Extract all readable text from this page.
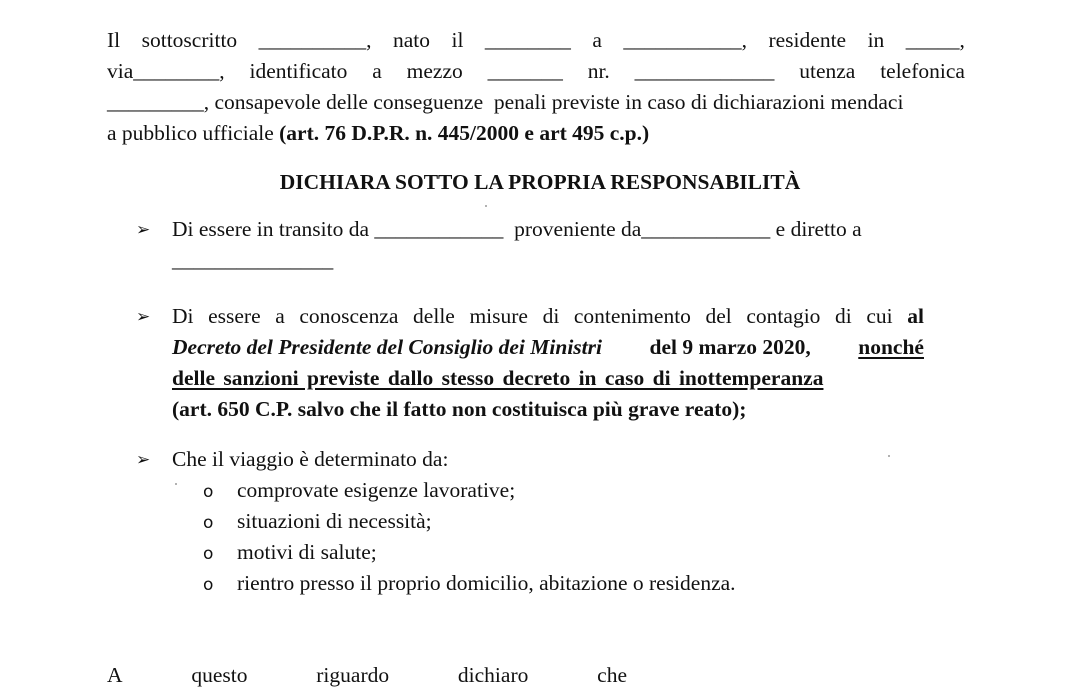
Il sottoscritto __________, nato il ________ a ___________, residente in _____,
via________, identificato a mezzo _______ nr. _____________ utenza telefonica
_________, consapevole delle conseguenze  penali previste in caso di dichiarazioni mendaci
a pubblico ufficiale (art. 76 D.P.R. n. 445/2000 e art 495 c.p.)
DICHIARA SOTTO LA PROPRIA RESPONSABILITÀ
➢ Di essere in transito da ____________  proveniente da____________ e diretto a
_______________
➢ Di essere a conoscenza delle misure di contenimento del contagio di cui al
Decreto del Presidente del Consiglio dei Ministri del 9 marzo 2020, nonché
delle sanzioni previste dallo stesso decreto in caso di inottemperanza
(art. 650 C.P. salvo che il fatto non costituisca più grave reato);
➢ Che il viaggio è determinato da:
o comprovate esigenze lavorative;
o situazioni di necessità;
o motivi di salute;
o rientro presso il proprio domicilio, abitazione o residenza.
A	questo	riguardo	dichiaro	che
